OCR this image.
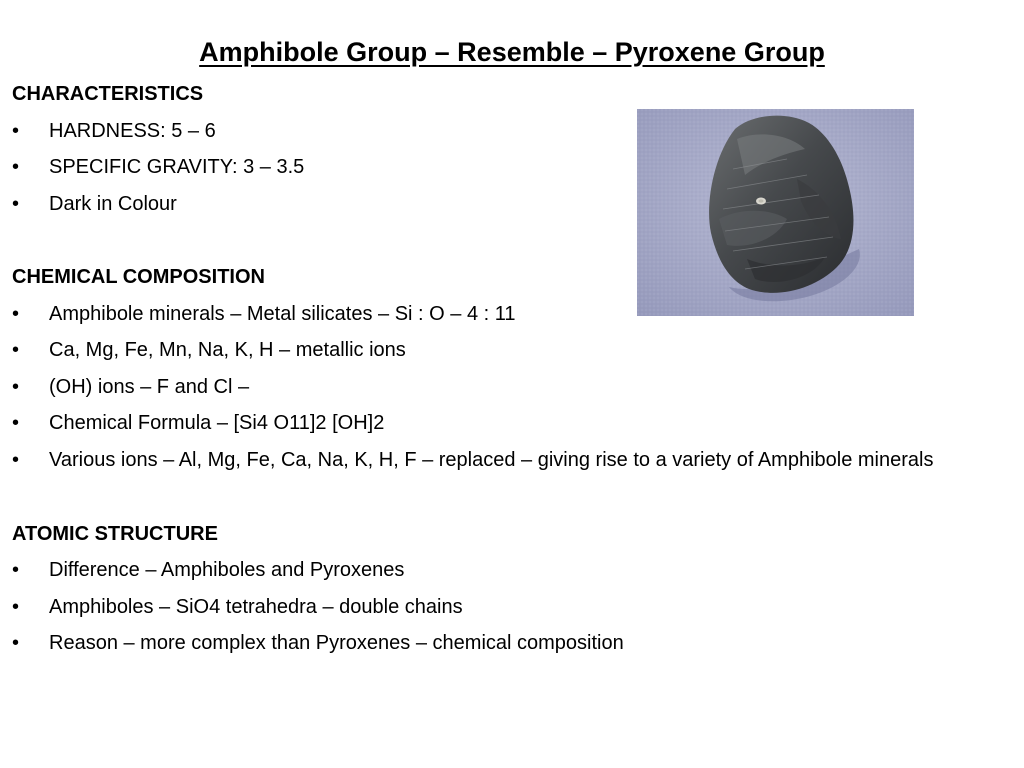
Amphibole Group – Resemble – Pyroxene Group
CHARACTERISTICS
• HARDNESS: 5 – 6
• SPECIFIC GRAVITY: 3 – 3.5
• Dark in Colour
CHEMICAL COMPOSITION
• Amphibole minerals – Metal silicates – Si : O – 4 : 11
• Ca, Mg, Fe, Mn, Na, K, H – metallic ions
• (OH) ions – F and Cl –
• Chemical Formula – [Si4 O11]2 [OH]2
• Various ions – Al, Mg, Fe, Ca, Na, K, H, F – replaced – giving rise to a variety of Amphibole minerals
ATOMIC STRUCTURE
• Difference – Amphiboles and Pyroxenes
• Amphiboles – SiO4 tetrahedra – double chains
• Reason – more complex than Pyroxenes – chemical composition
